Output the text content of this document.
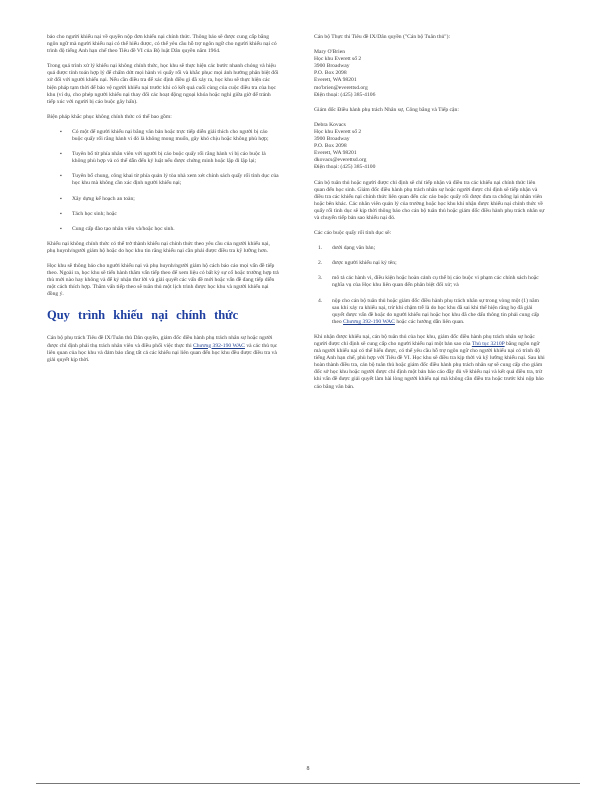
bảo cho người khiếu nại về quyền nộp đơn khiếu nại chính thức. Thông báo sẽ được cung cấp bằng ngôn ngữ mà người khiếu nại có thể hiểu được, có thể yêu cầu hỗ trợ ngôn ngữ cho người khiếu nại có trình độ tiếng Anh hạn chế theo Tiêu đề VI của Bộ luật Dân quyền năm 1964.

Trong quá trình xử lý khiếu nại không chính thức, học khu sẽ thực hiện các bước nhanh chóng và hiệu quả được tính toán hợp lý để chấm dứt mọi hành vi quấy rối và khắc phục mọi ảnh hưởng phân biệt đối xử đối với người khiếu nại. Nếu cần điều tra để xác định điều gì đã xảy ra, học khu sẽ thực hiện các biện pháp tạm thời để bảo vệ người khiếu nại trước khi có kết quả cuối cùng của cuộc điều tra của học khu (ví dụ, cho phép người khiếu nại thay đổi các hoạt động ngoại khóa hoặc nghỉ giữa giờ để tránh tiếp xúc với người bị cáo buộc gây hấn).

Biện pháp khắc phục không chính thức có thể bao gồm:

▪ Có một để người khiếu nại bằng văn bản hoặc trực tiếp diễn giải thích cho người bị cáo buộc quấy rối rằng hành vi đó là không mong muốn, gây khó chịu hoặc không phù hợp;
▪ Tuyên bố từ phía nhân viên với người bị cáo buộc quấy rối rằng hành vi bị cáo buộc là không phù hợp và có thể dẫn đến kỷ luật nếu được chứng minh hoặc lặp đi lặp lại;
▪ Tuyên bố chung, công khai từ phía quản lý tòa nhà xem xét chính sách quấy rối tình dục của học khu mà không cần xác định người khiếu nại;
▪ Xây dựng kế hoạch an toàn;
▪ Tách học sinh; hoặc
▪ Cung cấp đào tạo nhân viên và/hoặc học sinh.

Khiếu nại không chính thức có thể trở thành khiếu nại chính thức theo yêu cầu của người khiếu nại, phụ huynh/người giám hộ hoặc do học khu tin rằng khiếu nại cần phải được điều tra kỹ lưỡng hơn.

Học khu sẽ thông báo cho người khiếu nại và phụ huynh/người giám hộ cách báo cáo mọi vấn đề tiếp theo. Ngoài ra, học khu sẽ tiến hành thăm vấn tiếp theo để xem liệu có bất kỳ sự cố hoặc trường hợp trả thù mới nào hay không và để ký nhận thư lời và giải quyết các vấn đề mới hoặc vấn đề đang tiếp diễn một cách thích hợp. Thăm vấn tiếp theo sẽ tuân thủ một lịch trình được học khu và người khiếu nại đồng ý.

Quy trình khiếu nại chính thức

Cán bộ phụ trách Tiêu đề IX/Tuân thủ Dân quyền, giám đốc điều hành phụ trách nhân sự hoặc người được chỉ định phải thụ trách nhân viên và điều phối việc thực thi Chương 392-190 WAC và các thủ tục liên quan của học khu và đảm bảo rằng tất cả các khiếu nại liên quan đến học khu đều được điều tra và giải quyết kịp thời.

Cán bộ Thực thi Tiêu đề IX/Dân quyền ("Cán bộ Tuân thủ"):

Mary O'Brien
Học khu Everett số 2
3900 Broadway
P.O. Box 2098
Everett, WA 98201
mo'brien@everettsd.org
Điện thoại: (425) 385-4106

Giám đốc Điều hành phụ trách Nhân sự, Công bằng và Tiếp cận:

Debra Kovacs
Học khu Everett số 2
3900 Broadway
P.O. Box 2098
Everett, WA 98201
dkovacs@everettsd.org
Điện thoại: (425) 385-4100

Cán bộ tuân thủ hoặc người được chỉ định sẽ chỉ tiếp nhận và điều tra các khiếu nại chính thức liên quan đến học sinh. Giám đốc điều hành phụ trách nhân sự hoặc người được chỉ định sẽ tiếp nhận và điều tra các khiếu nại chính thức liên quan đến các cáo buộc quấy rối được đưa ra chống lại nhân viên hoặc bên khác. Các nhân viên quản lý của trường hoặc học khu khi nhận được khiếu nại chính thức về quấy rối tình dục sẽ kịp thời thông báo cho cán bộ tuân thủ hoặc giám đốc điều hành phụ trách nhân sự và chuyển tiếp bản sao khiếu nại đó.

Các cáo buộc quấy rối tình dục sẽ:

1. dưới dạng văn bản;
2. được người khiếu nại ký tên;
3. mô tả các hành vi, điều kiện hoặc hoàn cảnh cụ thể bị cáo buộc vi phạm các chính sách hoặc nghĩa vụ của Học khu liên quan đến phân biệt đối xử; và
4. nộp cho cán bộ tuân thủ hoặc giám đốc điều hành phụ trách nhân sự trong vòng một (1) năm sau khi xảy ra khiếu nại, trừ khi chậm trễ là do học khu đã sai khi thể hiện rằng họ đã giải quyết được vấn đề hoặc do người khiếu nại hoặc học khu đã che dấu thông tin phải cung cấp theo Chương 392-190 WAC hoặc các hướng dẫn liên quan.

Khi nhận được khiếu nại, cán bộ tuân thủ của học khu, giám đốc điều hành phụ trách nhân sự hoặc người được chỉ định sẽ cung cấp cho người khiếu nại một bản sao của Thủ tục 3210P bằng ngôn ngữ mà người khiếu nại có thể hiểu được, có thể yêu cầu hỗ trợ ngôn ngữ cho người khiếu nại có trình độ tiếng Anh hạn chế, phù hợp với Tiêu đề VI. Học khu sẽ điều tra kịp thời và kỹ lưỡng khiếu nại. Sau khi hoàn thành điều tra, cán bộ tuân thủ hoặc giám đốc điều hành phụ trách nhân sự sẽ cung cấp cho giám đốc sở học khu hoặc người được chỉ định một bản báo cáo đầy đủ về khiếu nại và kết quả điều tra, trừ khi vấn đề được giải quyết làm hài lòng người khiếu nại mà không cần điều tra hoặc trước khi nộp báo cáo bằng văn bản.

8
